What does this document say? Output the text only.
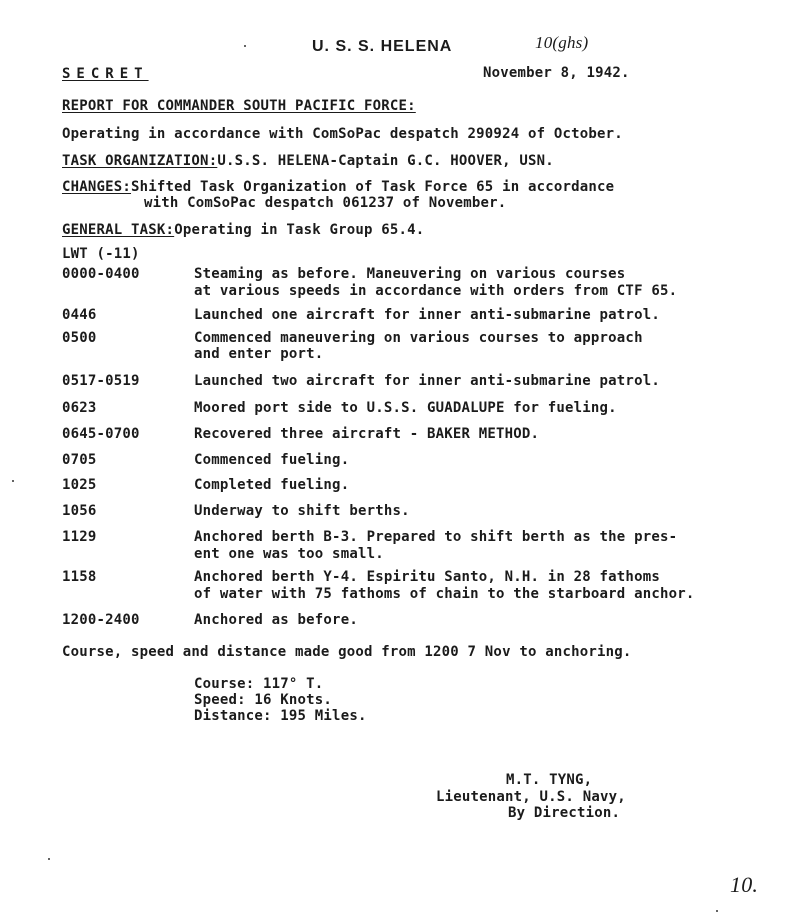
U. S. S. HELENA	10(ghs)
SECRET	November 8, 1942.
REPORT FOR COMMANDER SOUTH PACIFIC FORCE:
Operating in accordance with ComSoPac despatch 290924 of October.
TASK ORGANIZATION:U.S.S. HELENA-Captain G.C. HOOVER, USN.
CHANGES:Shifted Task Organization of Task Force 65 in accordance
with ComSoPac despatch 061237 of November.
GENERAL TASK:Operating in Task Group 65.4.
LWT (-11)
0000-0400	Steaming as before. Maneuvering on various courses
at various speeds in accordance with orders from CTF 65.
0446	Launched one aircraft for inner anti-submarine patrol.
0500	Commenced maneuvering on various courses to approach
and enter port.
0517-0519	Launched two aircraft for inner anti-submarine patrol.
0623	Moored port side to U.S.S. GUADALUPE for fueling.
0645-0700	Recovered three aircraft - BAKER METHOD.
0705	Commenced fueling.
1025	Completed fueling.
1056	Underway to shift berths.
1129	Anchored berth B-3. Prepared to shift berth as the pres-
ent one was too small.
1158	Anchored berth Y-4. Espiritu Santo, N.H. in 28 fathoms
of water with 75 fathoms of chain to the starboard anchor.
1200-2400	Anchored as before.
Course, speed and distance made good from 1200 7 Nov to anchoring.
Course: 117° T.
Speed: 16 Knots.
Distance: 195 Miles.
M.T. TYNG,
Lieutenant, U.S. Navy,
By Direction.
10.
